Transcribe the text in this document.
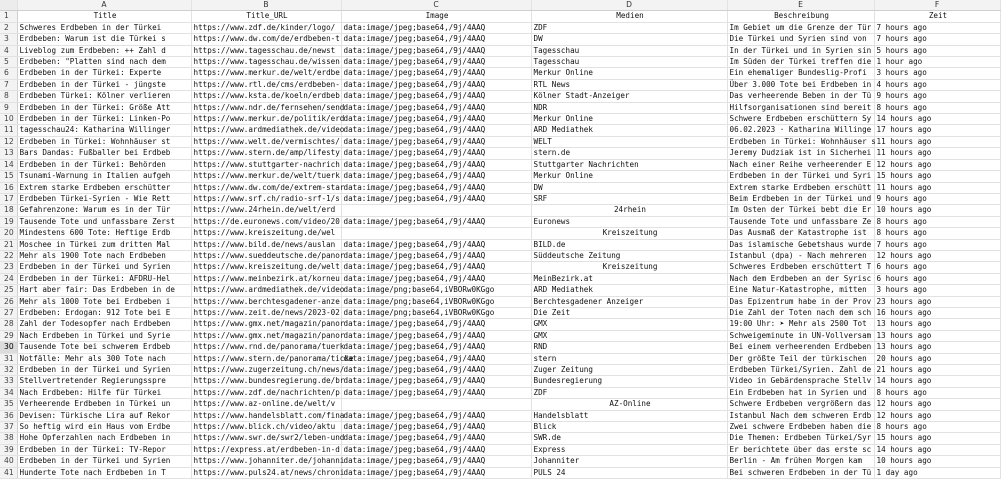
	A	B	C	D	E	F
1	Title	Title_URL	Image	Medien	Beschreibung	Zeit
2	Schweres Erdbeben in der Türkei	https://www.zdf.de/kinder/logo/	data:image/jpeg;base64,/9j/4AAQ	ZDF	Im Gebiet um die Grenze der Tür	7 hours ago
3	Erdbeben: Warum ist die Türkei s	https://www.dw.com/de/erdbeben-t	data:image/jpeg;base64,/9j/4AAQ	DW	Die Türkei und Syrien sind von	7 hours ago
4	Liveblog zum Erdbeben: ++ Zahl d	https://www.tagesschau.de/newst	data:image/jpeg;base64,/9j/4AAQ	Tagesschau	In der Türkei und in Syrien sin	5 hours ago
5	Erdbeben: "Platten sind nach dem	https://www.tagesschau.de/wissen	data:image/jpeg;base64,/9j/4AAQ	Tagesschau	Im Süden der Türkei treffen die	1 hour ago
6	Erdbeben in der Türkei: Experte	https://www.merkur.de/welt/erdbe	data:image/jpeg;base64,/9j/4AAQ	Merkur Online	Ein ehemaliger Bundeslig-Profi	3 hours ago
7	Erdbeben in der Türkei - jüngste	https://www.rtl.de/cms/erdbeben-	data:image/jpeg;base64,/9j/4AAQ	RTL News	Über 3.000 Tote bei Erdbeben in	4 hours ago
8	Erdbeben Türkei: Kölner verlieren	https://www.ksta.de/koeln/erdbeb	data:image/jpeg;base64,/9j/4AAQ	Kölner Stadt-Anzeiger	Das verheerende Beben in der Tü	9 hours ago
9	Erdbeben in der Türkei: Größe Att	https://www.ndr.de/fernsehen/send	data:image/jpeg;base64,/9j/4AAQ	NDR	Hilfsorganisationen sind bereit	8 hours ago
10	Erdbeben in der Türkei: Linken-Po	https://www.merkur.de/politik/erd	data:image/jpeg;base64,/9j/4AAQ	Merkur Online	Schwere Erdbeben erschüttern Sy	14 hours ago
11	tagesschau24: Katharina Willinger	https://www.ardmediathek.de/video	data:image/jpeg;base64,/9j/4AAQ	ARD Mediathek	06.02.2023 · Katharina Willinge	17 hours ago
12	Erdbeben in Türkei: Wohnhäuser st	https://www.welt.de/vermischtes/	data:image/jpeg;base64,/9j/4AAQ	WELT	Erdbeben in Türkei: Wohnhäuser s	11 hours ago
13	Bars Dandas: Fußballer bei Erdbeb	https://www.stern.de/amp/lifesty	data:image/jpeg;base64,/9j/4AAQ	stern.de	Jeremy Dudziak ist in Sicherhei	11 hours ago
14	Erdbeben in der Türkei: Behörden	https://www.stuttgarter-nachrich	data:image/jpeg;base64,/9j/4AAQ	Stuttgarter Nachrichten	Nach einer Reihe verheerender E	12 hours ago
15	Tsunami-Warnung in Italien aufgeh	https://www.merkur.de/welt/tuerk	data:image/jpeg;base64,/9j/4AAQ	Merkur Online	Erdbeben in der Türkei und Syri	15 hours ago
16	Extrem starke Erdbeben erschütter	https://www.dw.com/de/extrem-star	data:image/jpeg;base64,/9j/4AAQ	DW	Extrem starke Erdbeben erschütt	11 hours ago
17	Erdbeben Türkei-Syrien - Wie Rett	https://www.srf.ch/radio-srf-1/s	data:image/jpeg;base64,/9j/4AAQ	SRF	Beim Erdbeben in der Türkei und	9 hours ago
18	Gefahrenzone: Warum es in der Tür	https://www.24rhein.de/welt/erd		24rhein	Im Osten der Türkei bebt die Er	10 hours ago
19	Tausende Tote und unfassbare Zerst	https://de.euronews.com/video/20	data:image/jpeg;base64,/9j/4AAQ	Euronews	Tausende Tote und unfassbare Ze	8 hours ago
20	Mindestens 600 Tote: Heftige Erdb	https://www.kreiszeitung.de/wel		Kreiszeitung	Das Ausmaß der Katastrophe ist	8 hours ago
21	Moschee in Türkei zum dritten Mal	https://www.bild.de/news/auslan	data:image/jpeg;base64,/9j/4AAQ	BILD.de	Das islamische Gebetshaus wurde	7 hours ago
22	Mehr als 1900 Tote nach Erdbeben	https://www.sueddeutsche.de/panor	data:image/jpeg;base64,/9j/4AAQ	Süddeutsche Zeitung	Istanbul (dpa) - Nach mehreren	12 hours ago
23	Erdbeben in der Türkei und Syrien	https://www.kreiszeitung.de/welt	data:image/jpeg;base64,/9j/4AAQ	Kreiszeitung	Schweres Erdbeben erschüttert T	6 hours ago
24	Erdbeben in der Türkei: AFDRU-Hel	https://www.meinbezirk.at/korneu	data:image/jpeg;base64,/9j/4AAQ	MeinBezirk.at	Nach dem Erdbeben an der Syrisc	6 hours ago
25	Hart aber fair: Das Erdbeben in de	https://www.ardmediathek.de/video	data:image/png;base64,iVBORw0KGgo	ARD Mediathek	Eine Natur-Katastrophe, mitten	3 hours ago
26	Mehr als 1000 Tote bei Erdbeben i	https://www.berchtesgadener-anze	data:image/png;base64,iVBORw0KGgo	Berchtesgadener Anzeiger	Das Epizentrum habe in der Prov	23 hours ago
27	Erdbeben: Erdogan: 912 Tote bei E	https://www.zeit.de/news/2023-02	data:image/png;base64,iVBORw0KGgo	Die Zeit	Die Zahl der Toten nach dem sch	16 hours ago
28	Zahl der Todesopfer nach Erdbeben	https://www.gmx.net/magazin/panor	data:image/jpeg;base64,/9j/4AAQ	GMX	19:00 Uhr: ➤ Mehr als 2500 Tot	13 hours ago
29	Nach Erdbeben in Türkei und Syrie	https://www.gmx.net/magazin/panor	data:image/jpeg;base64,/9j/4AAQ	GMX	Schweigeminute in UN-Vollversam	13 hours ago
30	Tausende Tote bei schwerem Erdbeb	https://www.rnd.de/panorama/tuerk	data:image/jpeg;base64,/9j/4AAQ	RND	Bei einem verheerenden Erdbeben	13 hours ago
31	Notfälle: Mehr als 300 Tote nach	https://www.stern.de/panorama/ticke	data:image/jpeg;base64,/9j/4AAQ	stern	Der größte Teil der türkischen	20 hours ago
32	Erdbeben in der Türkei und Syrien	https://www.zugerzeitung.ch/news/	data:image/jpeg;base64,/9j/4AAQ	Zuger Zeitung	Erdbeben Türkei/Syrien. Zahl de	21 hours ago
33	Stellvertretender Regierungsspre	https://www.bundesregierung.de/br	data:image/jpeg;base64,/9j/4AAQ	Bundesregierung	Video in Gebärdensprache Stellv	14 hours ago
34	Nach Erdbeben: Hilfe für Türkei	https://www.zdf.de/nachrichten/p	data:image/jpeg;base64,/9j/4AAQ	ZDF	Ein Erdbeben hat in Syrien und	8 hours ago
35	Verheerende Erdbeben in Türkei un	https://www.az-online.de/welt/v		AZ-Online	Schwere Erdbeben vergrößern das	12 hours ago
36	Devisen: Türkische Lira auf Rekor	https://www.handelsblatt.com/fina	data:image/jpeg;base64,/9j/4AAQ	Handelsblatt	Istanbul Nach dem schweren Erdb	12 hours ago
37	So heftig wird ein Haus vom Erdbe	https://www.blick.ch/video/aktu	data:image/jpeg;base64,/9j/4AAQ	Blick	Zwei schwere Erdbeben haben die	8 hours ago
38	Hohe Opferzahlen nach Erdbeben in	https://www.swr.de/swr2/leben-und	data:image/jpeg;base64,/9j/4AAQ	SWR.de	Die Themen: Erdbeben Türkei/Syr	15 hours ago
39	Erdbeben in der Türkei: TV-Repor	https://express.at/erdbeben-in-d	data:image/jpeg;base64,/9j/4AAQ	Express	Er berichtete über das erste sc	14 hours ago
40	Erdbeben in der Türkei und Syrien	https://www.johanniter.de/johanni	data:image/jpeg;base64,/9j/4AAQ	Johanniter	Berlin - Am frühen Morgen kam	10 hours ago
41	Hunderte Tote nach Erdbeben in T	https://www.puls24.at/news/chroni	data:image/jpeg;base64,/9j/4AAQ	PULS 24	Bei schweren Erdbeben in der Tü	1 day ago
